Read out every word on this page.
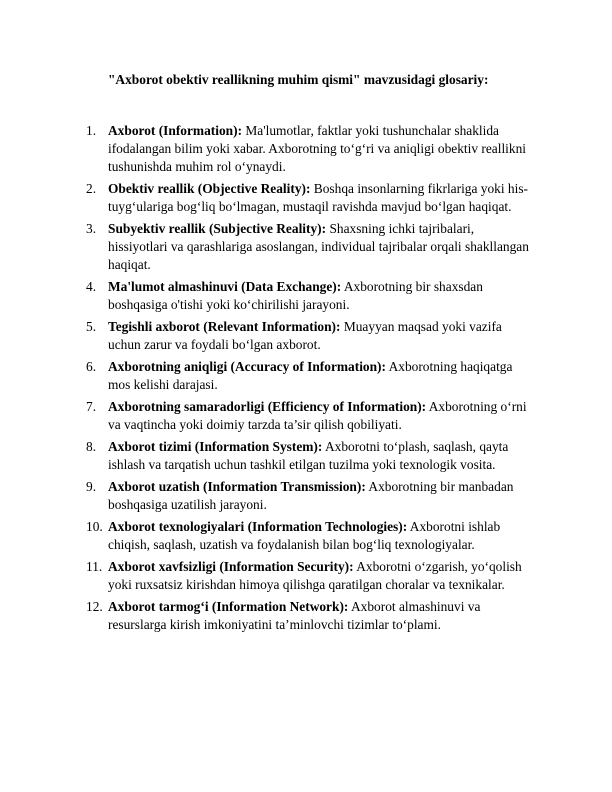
"Axborot obektiv reallikning muhim qismi" mavzusidagi glosariy:
1. Axborot (Information): Ma'lumotlar, faktlar yoki tushunchalar shaklida ifodalangan bilim yoki xabar. Axborotning to‘g‘ri va aniqligi obektiv reallikni tushunishda muhim rol o‘ynaydi.
2. Obektiv reallik (Objective Reality): Boshqa insonlarning fikrlariga yoki his-tuyg‘ulariga bog‘liq bo‘lmagan, mustaqil ravishda mavjud bo‘lgan haqiqat.
3. Subyektiv reallik (Subjective Reality): Shaxsning ichki tajribalari, hissiyotlari va qarashlariga asoslangan, individual tajribalar orqali shakllangan haqiqat.
4. Ma'lumot almashinuvi (Data Exchange): Axborotning bir shaxsdan boshqasiga o'tishi yoki ko‘chirilishi jarayoni.
5. Tegishli axborot (Relevant Information): Muayyan maqsad yoki vazifa uchun zarur va foydali bo‘lgan axborot.
6. Axborotning aniqligi (Accuracy of Information): Axborotning haqiqatga mos kelishi darajasi.
7. Axborotning samaradorligi (Efficiency of Information): Axborotning o‘rni va vaqtincha yoki doimiy tarzda ta’sir qilish qobiliyati.
8. Axborot tizimi (Information System): Axborotni to‘plash, saqlash, qayta ishlash va tarqatish uchun tashkil etilgan tuzilma yoki texnologik vosita.
9. Axborot uzatish (Information Transmission): Axborotning bir manbadan boshqasiga uzatilish jarayoni.
10. Axborot texnologiyalari (Information Technologies): Axborotni ishlab chiqish, saqlash, uzatish va foydalanish bilan bog‘liq texnologiyalar.
11. Axborot xavfsizligi (Information Security): Axborotni o‘zgarish, yo‘qolish yoki ruxsatsiz kirishdan himoya qilishga qaratilgan choralar va texnikalar.
12. Axborot tarmog‘i (Information Network): Axborot almashinuvi va resurslarga kirish imkoniyatini ta’minlovchi tizimlar to‘plami.
